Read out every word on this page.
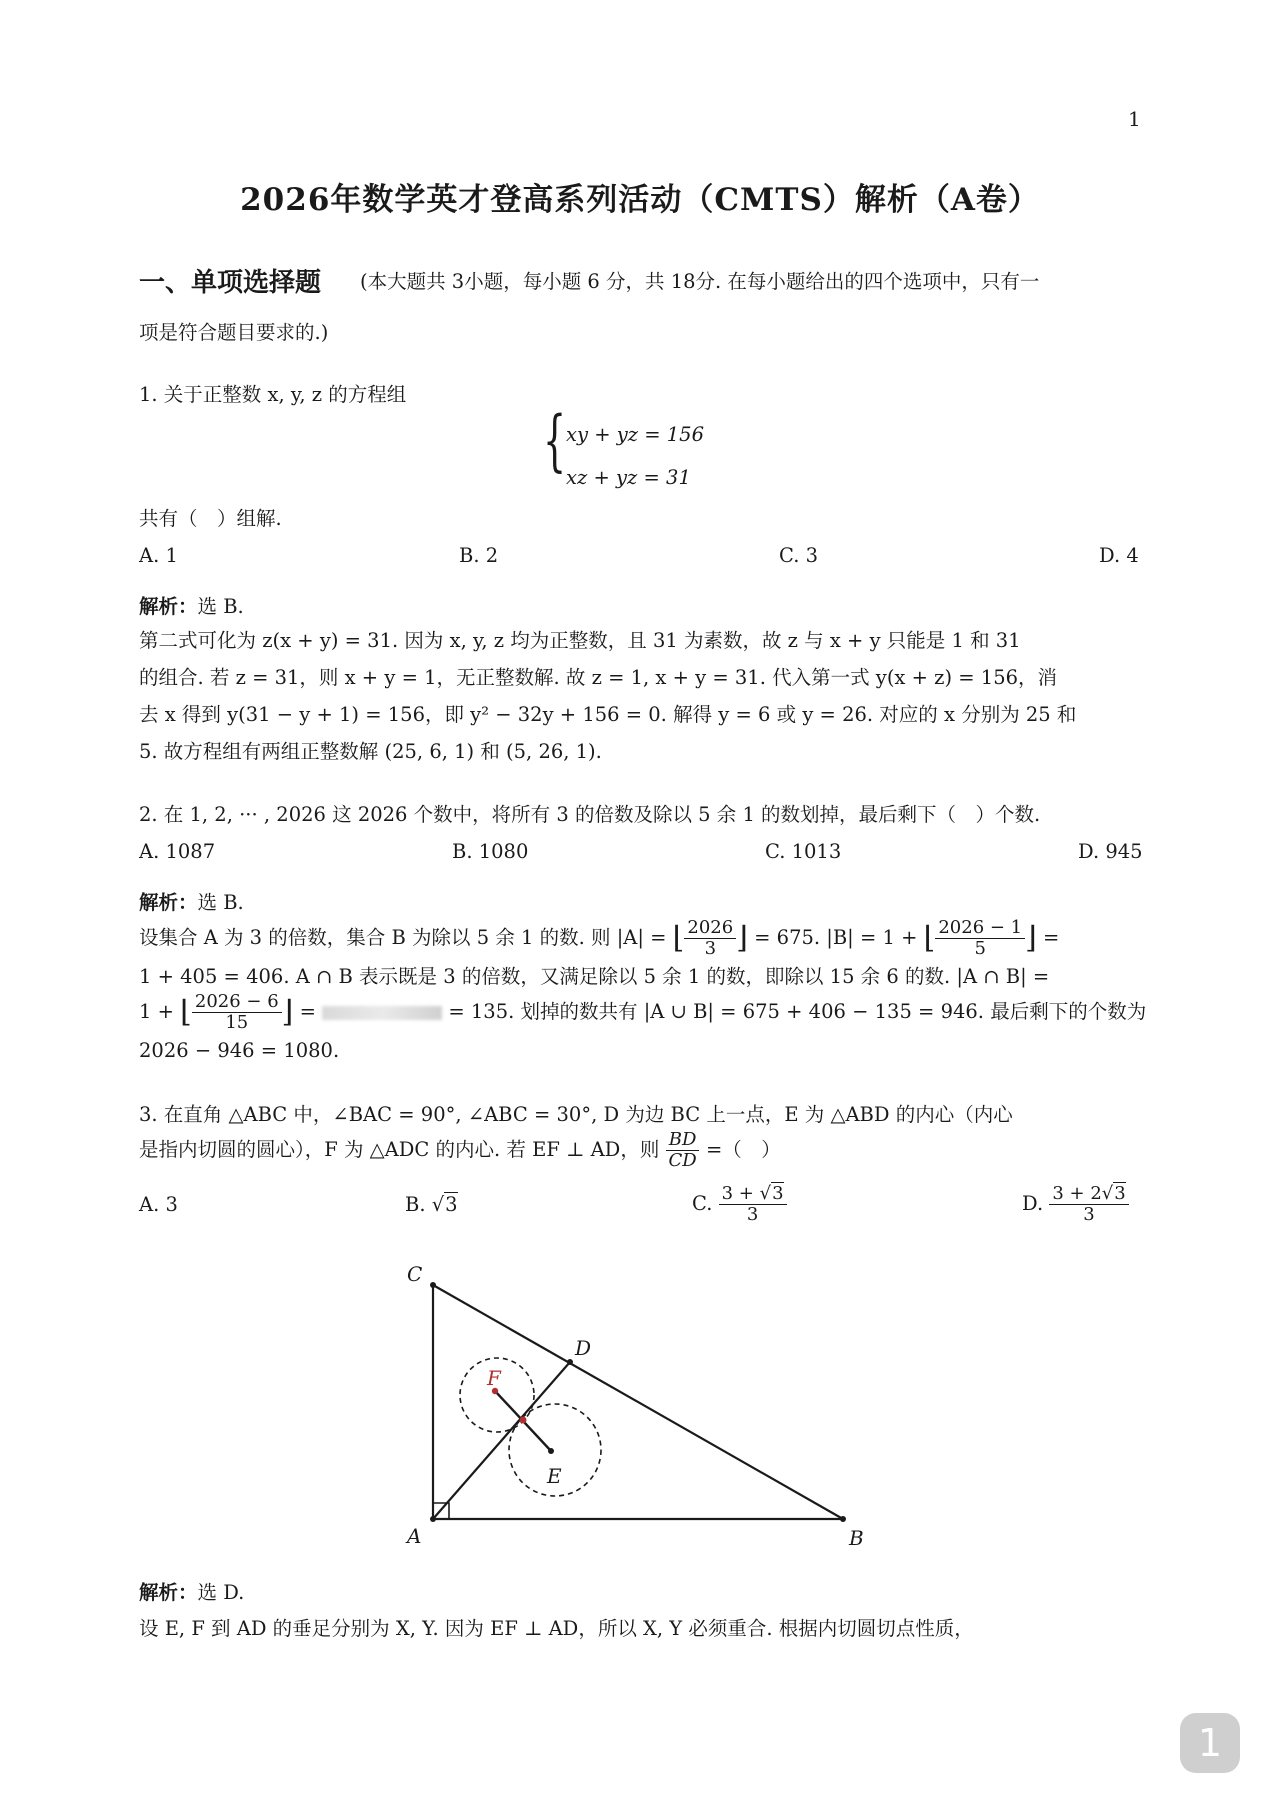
1
2026年数学英才登高系列活动（CMTS）解析（A卷）
一、单项选择题 (本大题共 3小题，每小题 6 分，共 18分. 在每小题给出的四个选项中，只有一
项是符合题目要求的.)
1. 关于正整数 x, y, z 的方程组
{ xy + yz = 156
xz + yz = 31
共有（　）组解.
A. 1	B. 2	C. 3	D. 4
解析：选 B.
第二式可化为 z(x + y) = 31. 因为 x, y, z 均为正整数，且 31 为素数，故 z 与 x + y 只能是 1 和 31
的组合. 若 z = 31，则 x + y = 1，无正整数解. 故 z = 1, x + y = 31. 代入第一式 y(x + z) = 156，消
去 x 得到 y(31 − y + 1) = 156，即 y² − 32y + 156 = 0. 解得 y = 6 或 y = 26. 对应的 x 分别为 25 和
5. 故方程组有两组正整数解 (25, 6, 1) 和 (5, 26, 1).
2. 在 1, 2, ··· , 2026 这 2026 个数中，将所有 3 的倍数及除以 5 余 1 的数划掉，最后剩下（　）个数.
A. 1087	B. 1080	C. 1013	D. 945
解析：选 B.
设集合 A 为 3 的倍数，集合 B 为除以 5 余 1 的数. 则 |A| = ⌊ $\frac{2026}{3}$ ⌋ = 675. |B| = 1 + ⌊ $\frac{2026 - 1}{5}$ ⌋ =
1 + 405 = 406. A ∩ B 表示既是 3 的倍数，又满足除以 5 余 1 的数，即除以 15 余 6 的数. |A ∩ B| =
1 + ⌊ $\frac{2026 - 6}{15}$ ⌋ =	= 135. 划掉的数共有 |A ∪ B| = 675 + 406 − 135 = 946. 最后剩下的个数为
2026 − 946 = 1080.
3. 在直角 △ABC 中，∠BAC = 90°, ∠ABC = 30°, D 为边 BC 上一点，E 为 △ABD 的内心（内心
是指内切圆的圆心），F 为 △ADC 的内心. 若 EF ⊥ AD，则 $\frac{BD}{CD}$ =（　）
A. 3	B. √3	C. $\frac{3 + √3}{3}$	D. $\frac{3 + 2√3}{3}$
C
A	B
D
E
F
解析：选 D.
设 E, F 到 AD 的垂足分别为 X, Y. 因为 EF ⊥ AD，所以 X, Y 必须重合. 根据内切圆切点性质，
1
